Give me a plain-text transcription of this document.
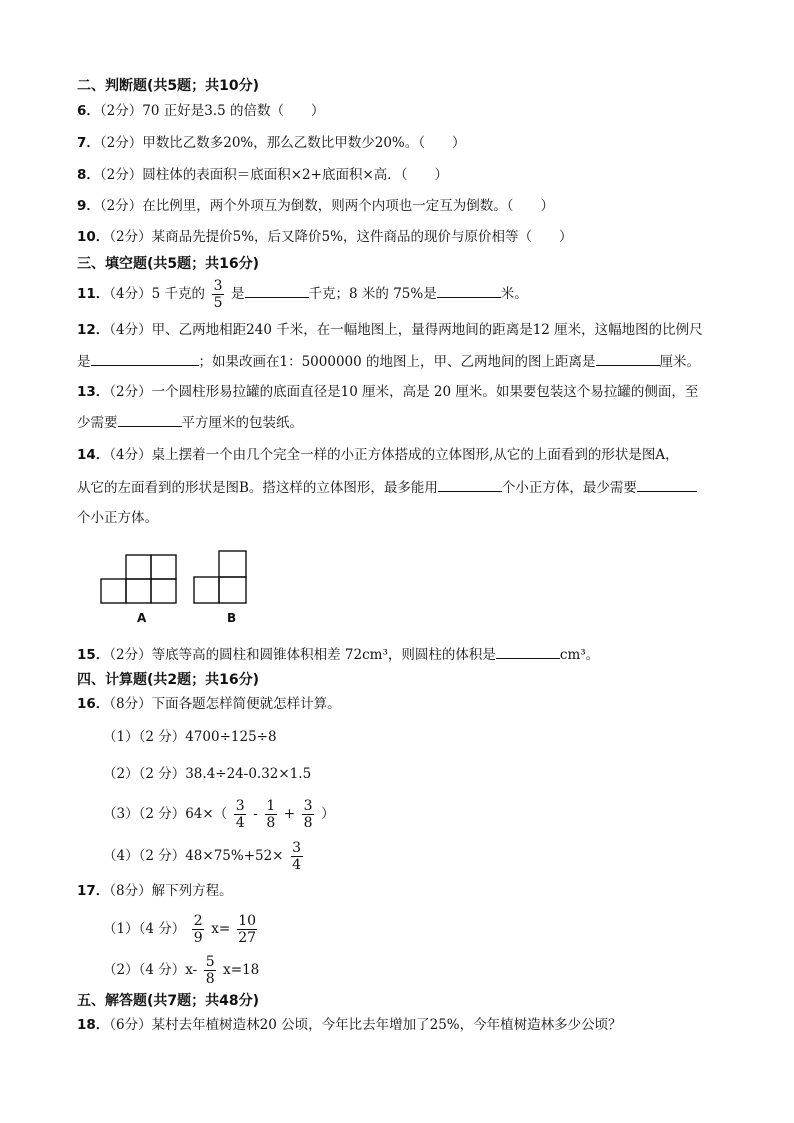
二、判断题(共5题；共10分)
6．（2分）70 正好是3.5 的倍数（　　）
7．（2分）甲数比乙数多20%，那么乙数比甲数少20%。（　　）
8．（2分）圆柱体的表面积＝底面积×2+底面积×高．（　　）
9．（2分）在比例里，两个外项互为倒数，则两个内项也一定互为倒数。（　　）
10．（2分）某商品先提价5%，后又降价5%，这件商品的现价与原价相等（　　）
三、填空题(共5题；共16分)
11．（4分）5 千克的 $\frac{3}{5}$ 是	千克；8 米的 75%是	米。
12．（4分）甲、乙两地相距240 千米，在一幅地图上，量得两地间的距离是12 厘米，这幅地图的比例尺
是	；如果改画在1：5000000 的地图上，甲、乙两地间的图上距离是	厘米。
13．（2分）一个圆柱形易拉罐的底面直径是10 厘米，高是 20 厘米。如果要包装这个易拉罐的侧面，至
少需要	平方厘米的包装纸。
14．（4分）桌上摆着一个由几个完全一样的小正方体搭成的立体图形,从它的上面看到的形状是图A，
从它的左面看到的形状是图B。搭这样的立体图形，最多能用	个小正方体，最少需要
个小正方体。
A	B
15．（2分）等底等高的圆柱和圆锥体积相差 72cm³，则圆柱的体积是	cm³。
四、计算题(共2题；共16分)
16．（8分）下面各题怎样简便就怎样计算。
（1）（2 分）4700÷125÷8
（2）（2 分）38.4÷24-0.32×1.5
（3）（2 分）$64\times( \frac{3}{4} - \frac{1}{8} + \frac{3}{8}$ ）
（4）（2 分）$48\times 75\%+52\times \frac{3}{4}$
17．（8分）解下列方程。
（1）（4 分） $\frac{2}{9} x= \frac{10}{27}$
（2）（4 分）$x- \frac{5}{8} x=18$
五、解答题(共7题；共48分)
18．（6分）某村去年植树造林20 公顷，今年比去年增加了25%，今年植树造林多少公顷？
